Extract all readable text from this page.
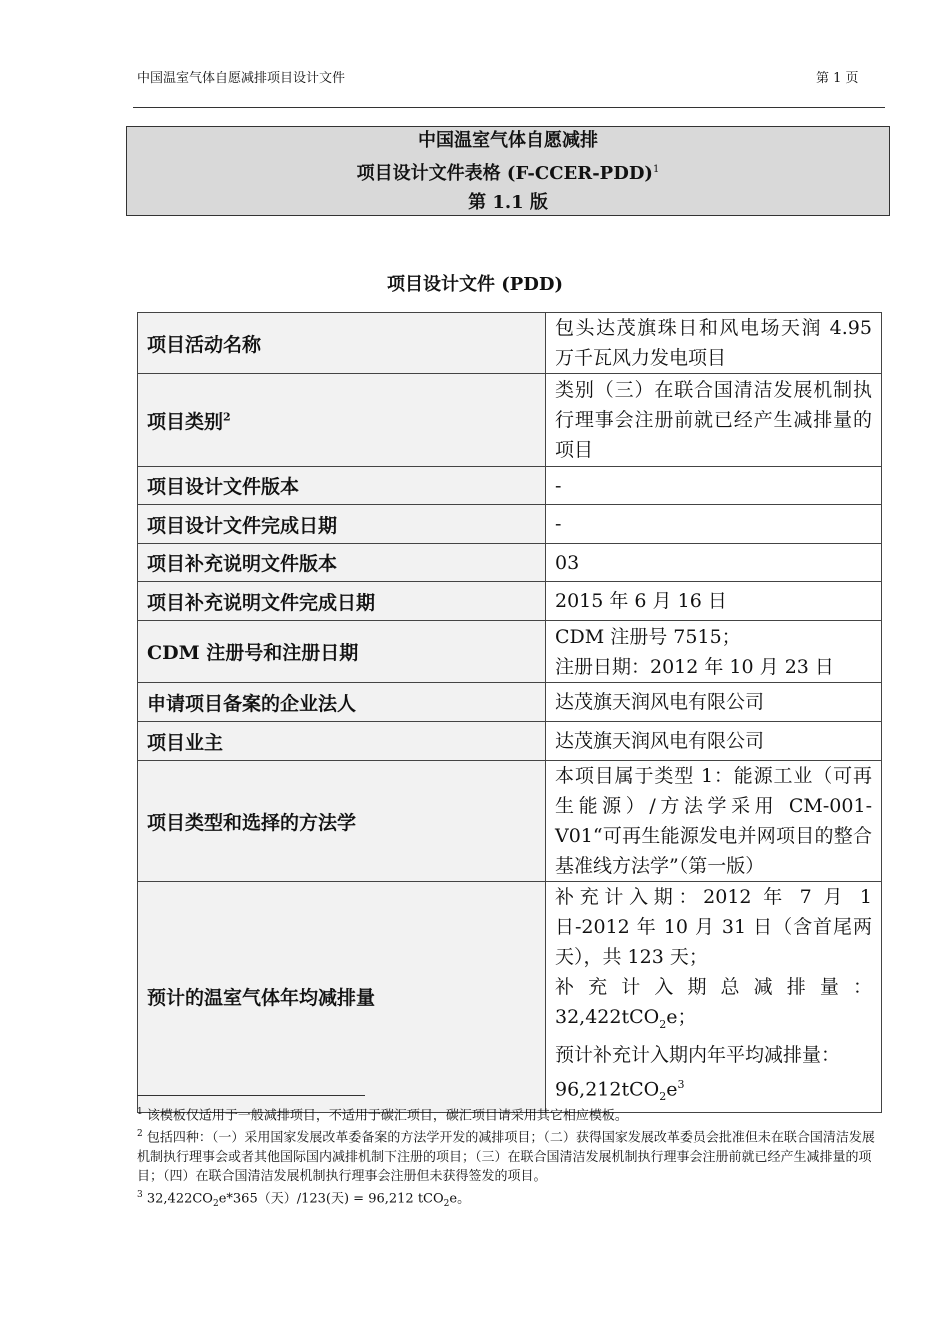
中国温室气体自愿减排项目设计文件	第 1 页
中国温室气体自愿减排
项目设计文件表格 (F-CCER-PDD)$^1$
第 1.1 版
项目设计文件 (PDD)
项目活动名称	包头达茂旗珠日和风电场天润 4.95 万千瓦风力发电项目
项目类别$^2$	类别（三）在联合国清洁发展机制执行理事会注册前就已经产生减排量的项目
项目设计文件版本	-
项目设计文件完成日期	-
项目补充说明文件版本	03
项目补充说明文件完成日期	2015 年 6 月 16 日
CDM 注册号和注册日期	CDM 注册号 7515；
注册日期：2012 年 10 月 23 日

申请项目备案的企业法人	达茂旗天润风电有限公司
项目业主	达茂旗天润风电有限公司
项目类型和选择的方法学	本项目属于类型 1：能源工业（可再生能源）/方法学采用 CM-001-V01“可再生能源发电并网项目的整合基准线方法学”（第一版）
预计的温室气体年均减排量	补充计入期：2012 年 7 月 1 日-2012 年 10 月 31 日（含首尾两天），共 123 天；
补充计入期总减排量：
32,422tCO$_2$e；
预计补充计入期内年平均减排量：
$96,212tCO_2e^3$

$^1$ 该模板仅适用于一般减排项目，不适用于碳汇项目，碳汇项目请采用其它相应模板。

$^2$ 包括四种：（一）采用国家发展改革委备案的方法学开发的减排项目；（二）获得国家发展改革委员会批准但未在联合国清洁发展机制执行理事会或者其他国际国内减排机制下注册的项目；（三）在联合国清洁发展机制执行理事会注册前就已经产生减排量的项目；（四）在联合国清洁发展机制执行理事会注册但未获得签发的项目。

$^3$ $32,422CO_2e*365$（天）/123(天) = 96,212 tCO$_2$e。
